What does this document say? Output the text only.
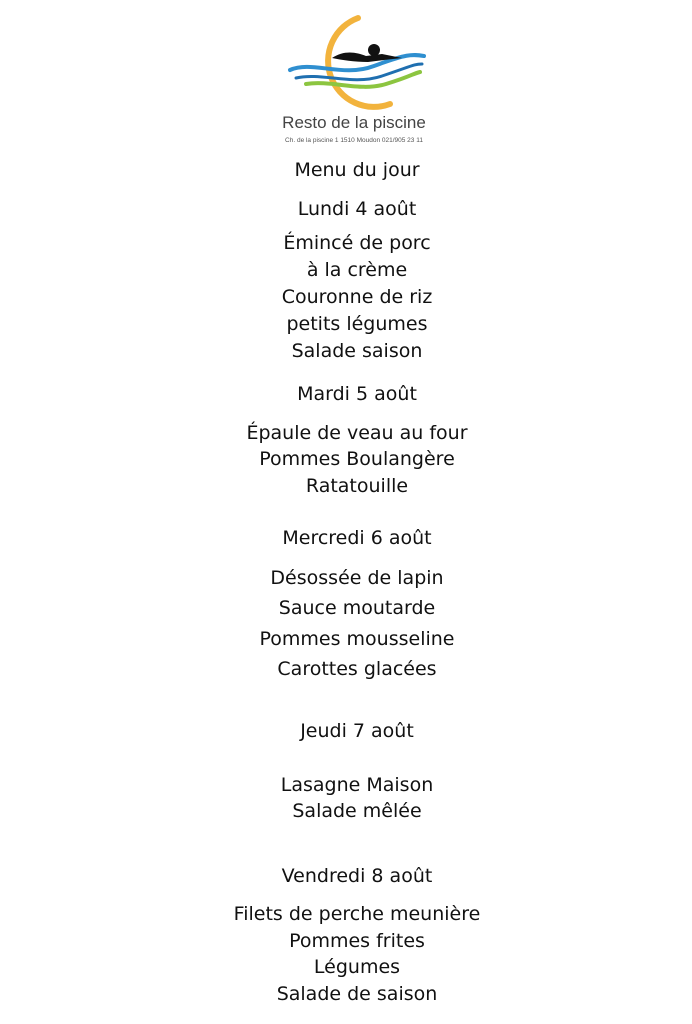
Resto de la piscine
Ch. de la piscine 1 1510 Moudon 021/905 23 11
Menu du jour
Lundi 4 août
Émincé de porc
à la crème
Couronne de riz
petits légumes
Salade saison
Mardi 5 août
Épaule de veau au four
Pommes Boulangère
Ratatouille
Mercredi 6 août
Désossée de lapin
Sauce moutarde
Pommes mousseline
Carottes glacées
Jeudi 7 août
Lasagne Maison
Salade mêlée
Vendredi 8 août
Filets de perche meunière
Pommes frites
Légumes
Salade de saison
